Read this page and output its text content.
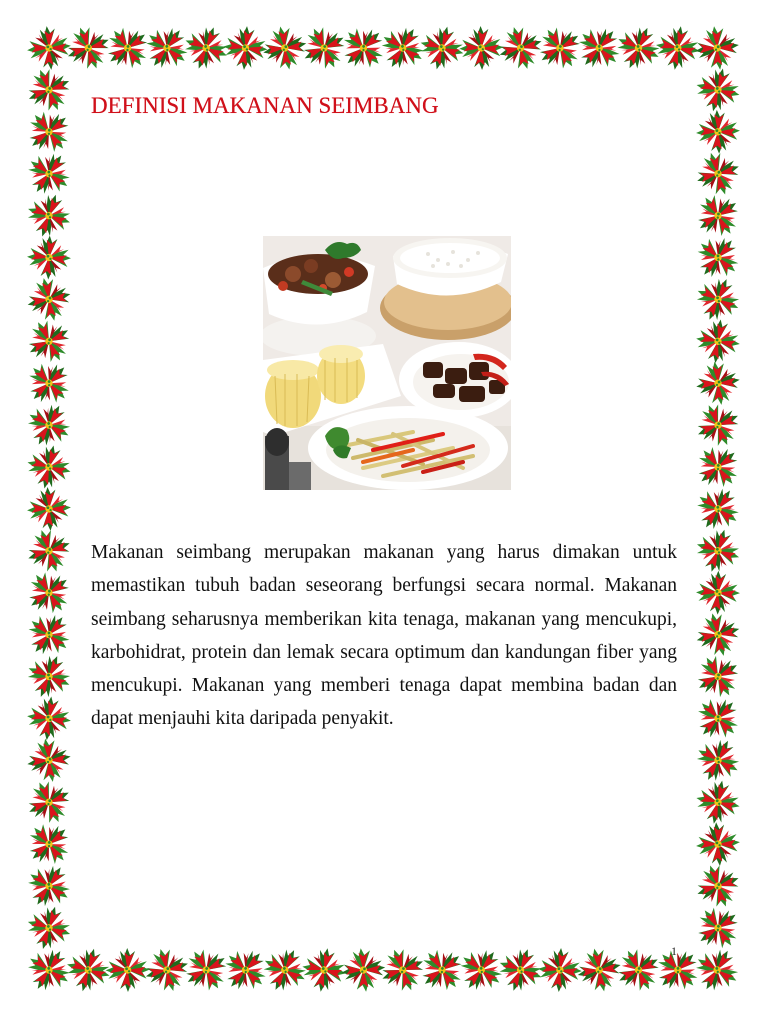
DEFINISI MAKANAN SEIMBANG

Makanan seimbang merupakan makanan yang harus dimakan untuk memastikan tubuh badan seseorang berfungsi secara normal. Makanan seimbang seharusnya memberikan kita tenaga, makanan yang mencukupi, karbohidrat, protein dan lemak secara optimum dan kandungan fiber yang mencukupi. Makanan yang memberi tenaga dapat membina badan dan dapat menjauhi kita daripada penyakit.

1
